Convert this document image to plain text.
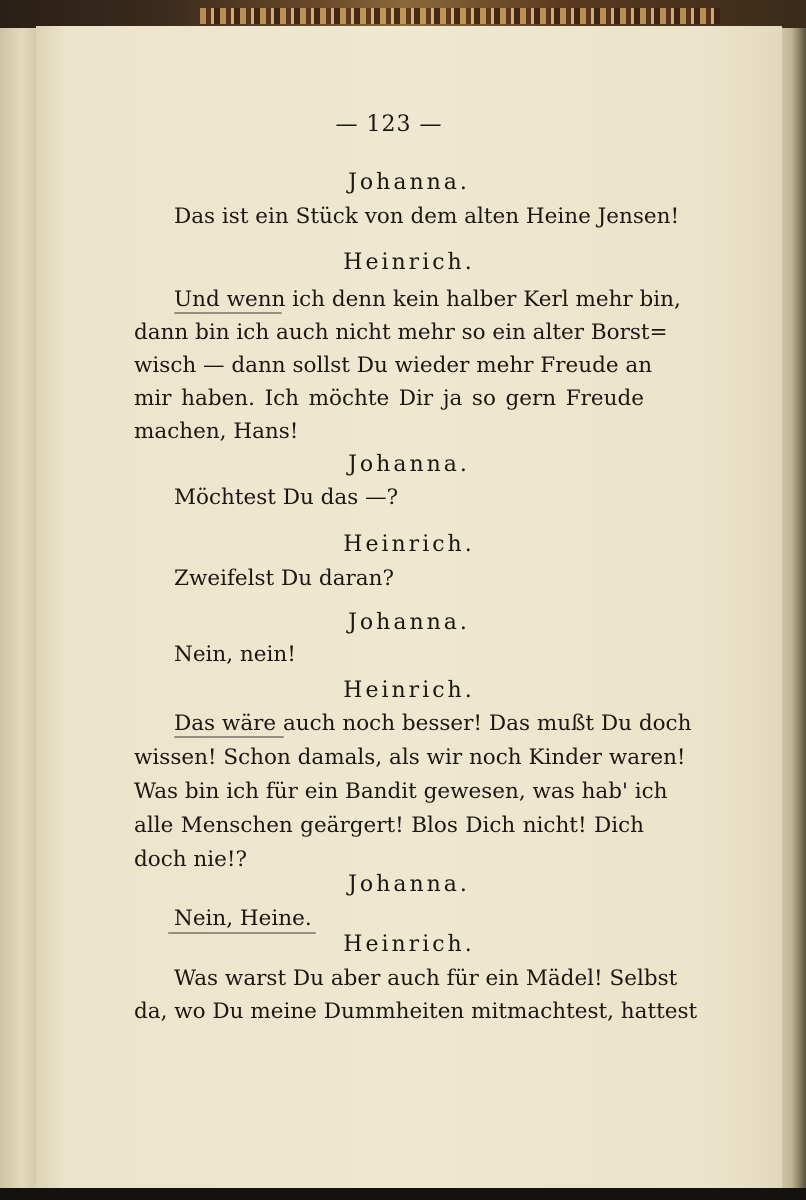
— 123 —
Johanna.
Das ist ein Stück von dem alten Heine Jensen!
Heinrich.
Und wenn ich denn kein halber Kerl mehr bin,
dann bin ich auch nicht mehr so ein alter Borst=
wisch — dann sollst Du wieder mehr Freude an
mir haben. Ich möchte Dir ja so gern Freude
machen, Hans!
Johanna.
Möchtest Du das —?
Heinrich.
Zweifelst Du daran?
Johanna.
Nein, nein!
Heinrich.
Das wäre auch noch besser! Das mußt Du doch
wissen! Schon damals, als wir noch Kinder waren!
Was bin ich für ein Bandit gewesen, was hab' ich
alle Menschen geärgert! Blos Dich nicht! Dich
doch nie!?
Johanna.
Nein, Heine.
Heinrich.
Was warst Du aber auch für ein Mädel! Selbst
da, wo Du meine Dummheiten mitmachtest, hattest
